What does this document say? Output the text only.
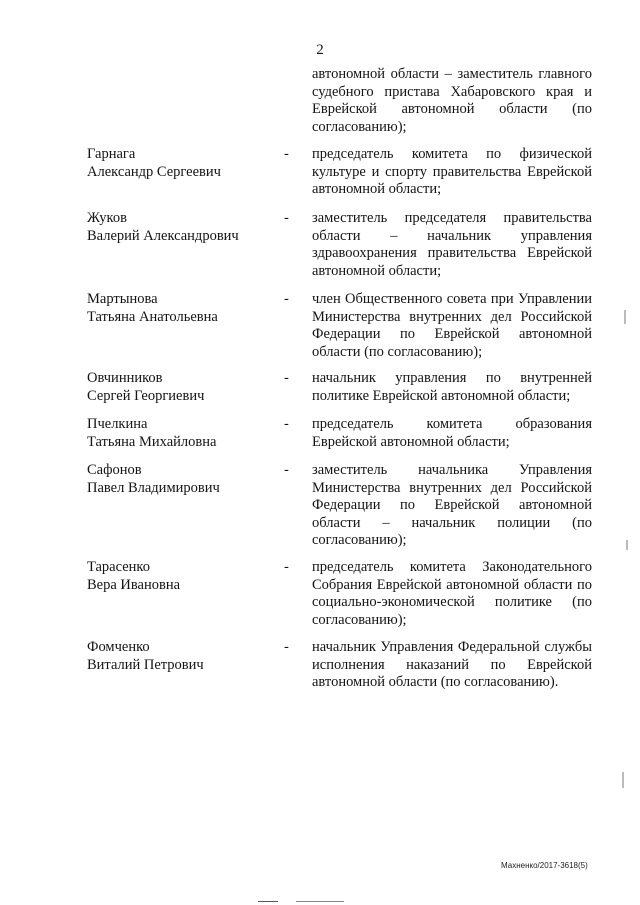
2
автономной области – заместитель главного судебного пристава Хабаровского края и Еврейской автономной области (по согласованию);
Гарнага
Александр Сергеевич
- председатель комитета по физической культуре и спорту правительства Еврейской автономной области;
Жуков
Валерий Александрович
- заместитель председателя правительства области – начальник управления здравоохранения правительства Еврейской автономной области;
Мартынова
Татьяна Анатольевна
- член Общественного совета при Управлении Министерства внутренних дел Российской Федерации по Еврейской автономной области (по согласованию);
Овчинников
Сергей Георгиевич
- начальник управления по внутренней политике Еврейской автономной области;
Пчелкина
Татьяна Михайловна
- председатель комитета образования Еврейской автономной области;
Сафонов
Павел Владимирович
- заместитель начальника Управления Министерства внутренних дел Российской Федерации по Еврейской автономной области – начальник полиции (по согласованию);
Тарасенко
Вера Ивановна
- председатель комитета Законодательного Собрания Еврейской автономной области по социально-экономической политике (по согласованию);
Фомченко
Виталий Петрович
- начальник Управления Федеральной службы исполнения наказаний по Еврейской автономной области (по согласованию).
Махненко/2017-3618(5)
